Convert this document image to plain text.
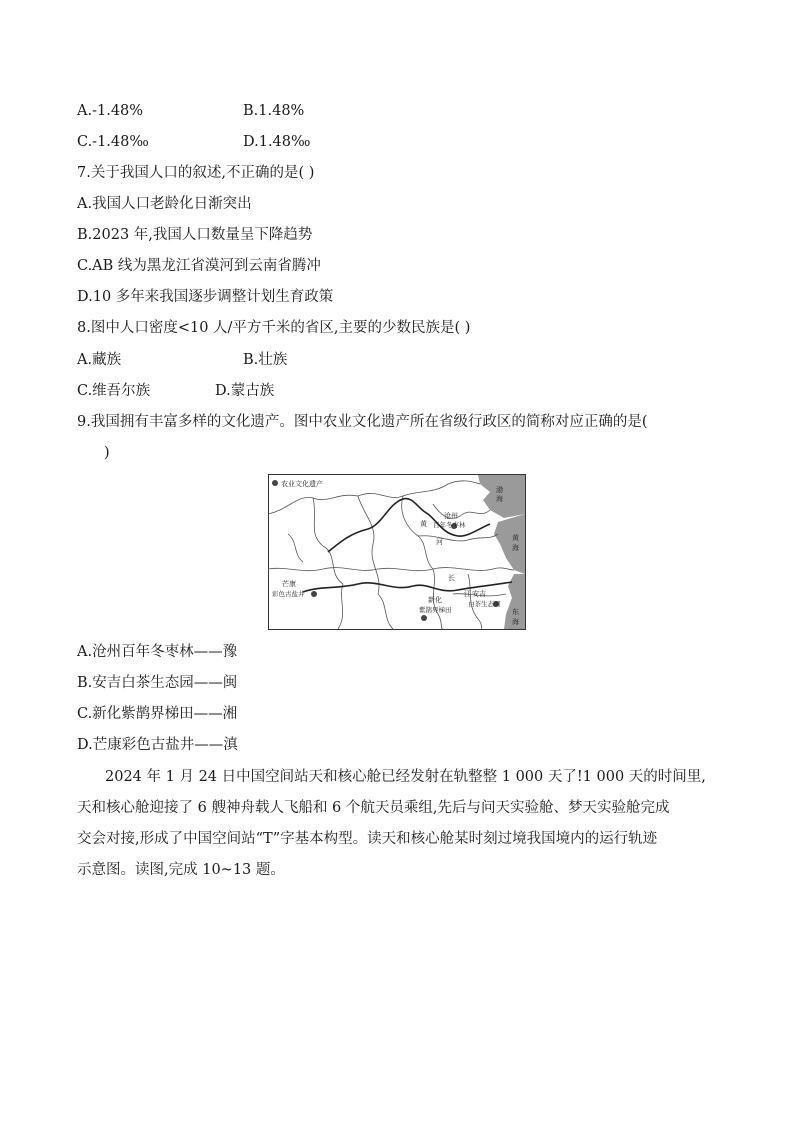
A.-1.48%	B.1.48%
C.-1.48‰	D.1.48‰
7.关于我国人口的叙述,不正确的是( )
A.我国人口老龄化日渐突出
B.2023 年,我国人口数量呈下降趋势
C.AB 线为黑龙江省漠河到云南省腾冲
D.10 多年来我国逐步调整计划生育政策
8.图中人口密度<10 人/平方千米的省区,主要的少数民族是( )
A.藏族	B.壮族
C.维吾尔族	D.蒙古族
9.我国拥有丰富多样的文化遗产。图中农业文化遗产所在省级行政区的简称对应正确的是(
)
农业文化遗产
沧州
百年冬枣林
安吉
白茶生态园
新化
紫鹊界梯田
芒康
彩色古盐井
黄
河
长
江
渤
海
黄
海
东
海
A.沧州百年冬枣林——豫
B.安吉白茶生态园——闽
C.新化紫鹊界梯田——湘
D.芒康彩色古盐井——滇
2024 年 1 月 24 日中国空间站天和核心舱已经发射在轨整整 1 000 天了!1 000 天的时间里,
天和核心舱迎接了 6 艘神舟载人飞船和 6 个航天员乘组,先后与问天实验舱、梦天实验舱完成
交会对接,形成了中国空间站“T”字基本构型。读天和核心舱某时刻过境我国境内的运行轨迹
示意图。读图,完成 10~13 题。
